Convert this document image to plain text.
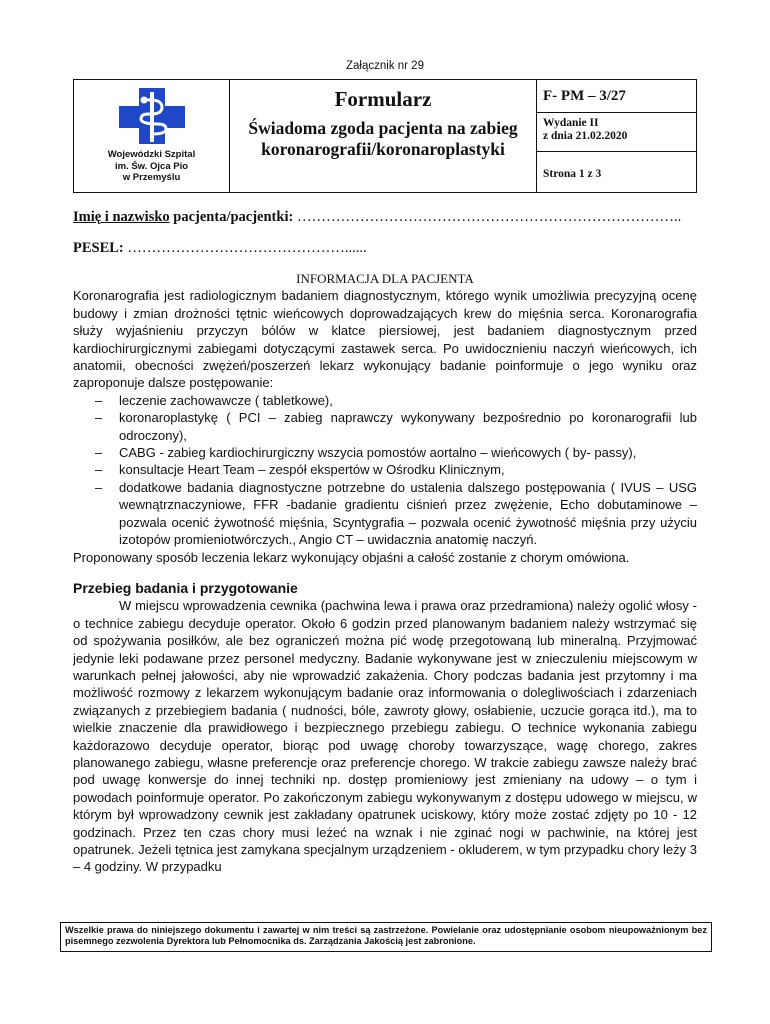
Załącznik nr 29
Wojewódzki Szpital
im. Św. Ojca Pio
w Przemyślu

Formularz
Świadoma zgoda pacjenta na zabieg
koronarografii/koronaroplastyki

F- PM – 3/27

Wydanie II
z dnia 21.02.2020

Strona 1 z 3
Imię i nazwisko pacjenta/pacjentki: ……………………………………………………………………..
PESEL: ………………………………………......
INFORMACJA DLA PACJENTA

Koronarografia jest radiologicznym badaniem diagnostycznym, którego wynik umożliwia precyzyjną ocenę budowy i zmian drożności tętnic wieńcowych doprowadzających krew do mięśnia serca. Koronarografia służy wyjaśnieniu przyczyn bólów w klatce piersiowej, jest badaniem diagnostycznym przed kardiochirurgicznymi zabiegami dotyczącymi zastawek serca. Po uwidocznieniu naczyń wieńcowych, ich anatomii, obecności zwężeń/poszerzeń lekarz wykonujący badanie poinformuje o jego wyniku oraz zaproponuje dalsze postępowanie:

– leczenie zachowawcze ( tabletkowe),
– koronaroplastykę ( PCI – zabieg naprawczy wykonywany bezpośrednio po koronarografii lub odroczony),
– CABG - zabieg kardiochirurgiczny wszycia pomostów aortalno – wieńcowych ( by- passy),
– konsultacje Heart Team – zespół ekspertów w Ośrodku Klinicznym,
– dodatkowe badania diagnostyczne potrzebne do ustalenia dalszego postępowania ( IVUS – USG wewnątrznaczyniowe, FFR -badanie gradientu ciśnień przez zwężenie, Echo dobutaminowe – pozwala ocenić żywotność mięśnia, Scyntygrafia – pozwala ocenić żywotność mięśnia przy użyciu izotopów promieniotwórczych., Angio CT – uwidacznia anatomię naczyń.

Proponowany sposób leczenia lekarz wykonujący objaśni a całość zostanie z chorym omówiona.

Przebieg badania i przygotowanie

W miejscu wprowadzenia cewnika (pachwina lewa i prawa oraz przedramiona) należy ogolić włosy - o technice zabiegu decyduje operator. Około 6 godzin przed planowanym badaniem należy wstrzymać się od spożywania posiłków, ale bez ograniczeń można pić wodę przegotowaną lub mineralną. Przyjmować jedynie leki podawane przez personel medyczny. Badanie wykonywane jest w znieczuleniu miejscowym w warunkach pełnej jałowości, aby nie wprowadzić zakażenia. Chory podczas badania jest przytomny i ma możliwość rozmowy z lekarzem wykonującym badanie oraz informowania o dolegliwościach i zdarzeniach związanych z przebiegiem badania ( nudności, bóle, zawroty głowy, osłabienie, uczucie gorąca itd.), ma to wielkie znaczenie dla prawidłowego i bezpiecznego przebiegu zabiegu. O technice wykonania zabiegu każdorazowo decyduje operator, biorąc pod uwagę choroby towarzyszące, wagę chorego, zakres planowanego zabiegu, własne preferencje oraz preferencje chorego. W trakcie zabiegu zawsze należy brać pod uwagę konwersje do innej techniki np. dostęp promieniowy jest zmieniany na udowy – o tym i powodach poinformuje operator. Po zakończonym zabiegu wykonywanym z dostępu udowego w miejscu, w którym był wprowadzony cewnik jest zakładany opatrunek uciskowy, który może zostać zdjęty po 10 - 12 godzinach. Przez ten czas chory musi leżeć na wznak i nie zginać nogi w pachwinie, na której jest opatrunek. Jeżeli tętnica jest zamykana specjalnym urządzeniem - okluderem, w tym przypadku chory leży 3 – 4 godziny. W przypadku

Wszelkie prawa do niniejszego dokumentu i zawartej w nim treści są zastrzeżone. Powielanie oraz udostępnianie osobom nieupoważnionym bez pisemnego zezwolenia Dyrektora lub Pełnomocnika ds. Zarządzania Jakością jest zabronione.
